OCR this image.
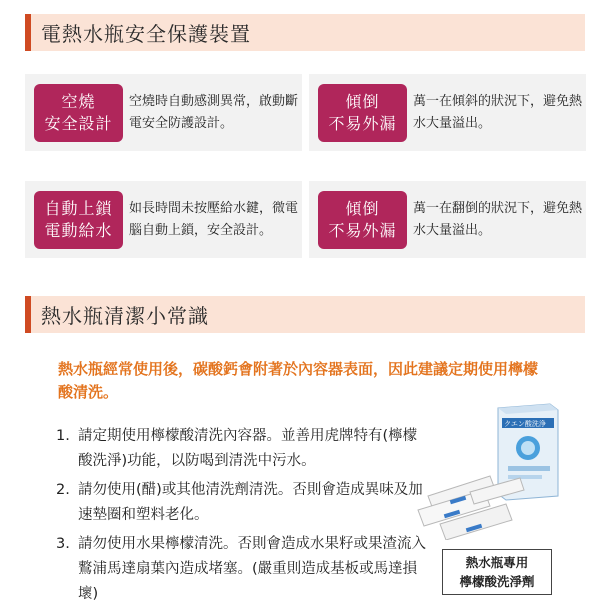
電熱水瓶安全保護裝置
空燒
安全設計
空燒時自動感測異常，啟動斷電安全防護設計。
傾倒
不易外漏
萬一在傾斜的狀況下，避免熱水大量溢出。
自動上鎖
電動給水
如長時間未按壓給水鍵，微電腦自動上鎖，安全設計。
傾倒
不易外漏
萬一在翻倒的狀況下，避免熱水大量溢出。
熱水瓶清潔小常識
熱水瓶經常使用後，碳酸鈣會附著於內容器表面，因此建議定期使用檸檬酸清洗。
1. 請定期使用檸檬酸清洗內容器。並善用虎牌特有(檸檬酸洗淨)功能，以防喝到清洗中污水。
2. 請勿使用(醋)或其他清洗劑清洗。否則會造成異味及加速墊圈和塑料老化。
3. 請勿使用水果檸檬清洗。否則會造成水果籽或果渣流入鷘浦馬達扇葉內造成堵塞。(嚴重則造成基板或馬達損壞)
クエン酸洗浄
熱水瓶專用
檸檬酸洗淨劑
